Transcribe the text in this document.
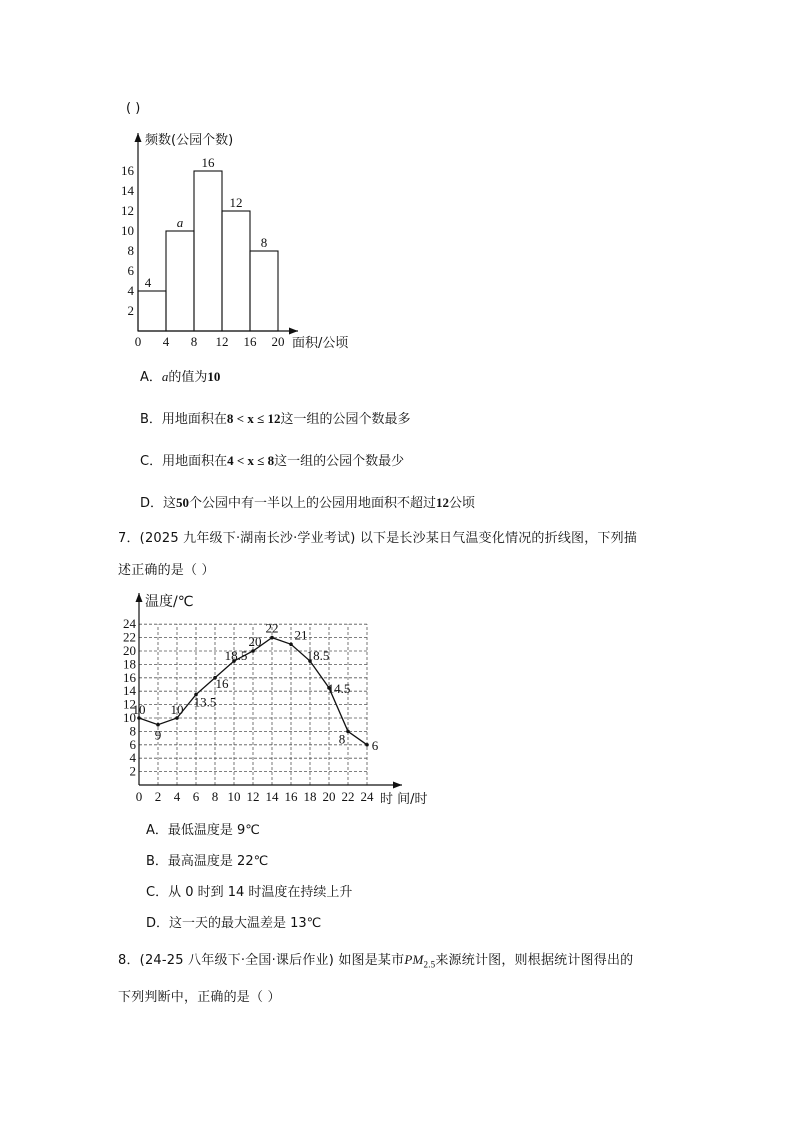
( )
频数(公园个数)
面积/公顷
2
4
6
8
10
12
14
16
0 4 8 12 16 20
4
a
16
12
8
A．a的值为10
B．用地面积在8 < x ≤ 12这一组的公园个数最多
C．用地面积在4 < x ≤ 8这一组的公园个数最少
D．这50个公园中有一半以上的公园用地面积不超过12公顷
7．(2025 九年级下·湖南长沙·学业考试) 以下是长沙某日气温变化情况的折线图，下列描
述正确的是（ ）
温度/℃
时 间/时
2
4
6
8
10
12
14
16
18
20
22
24
0 2 4 6 8 10 12 14 16 18 20 22 24
10
9
10 13.5
16
18.5
20
22 21
18.5
14.5
8 6
A．最低温度是 9℃
B．最高温度是 22℃
C．从 0 时到 14 时温度在持续上升
D．这一天的最大温差是 13℃
8．(24-25 八年级下·全国·课后作业) 如图是某市$PM_{2.5}$来源统计图，则根据统计图得出的
下列判断中，正确的是（ ）
